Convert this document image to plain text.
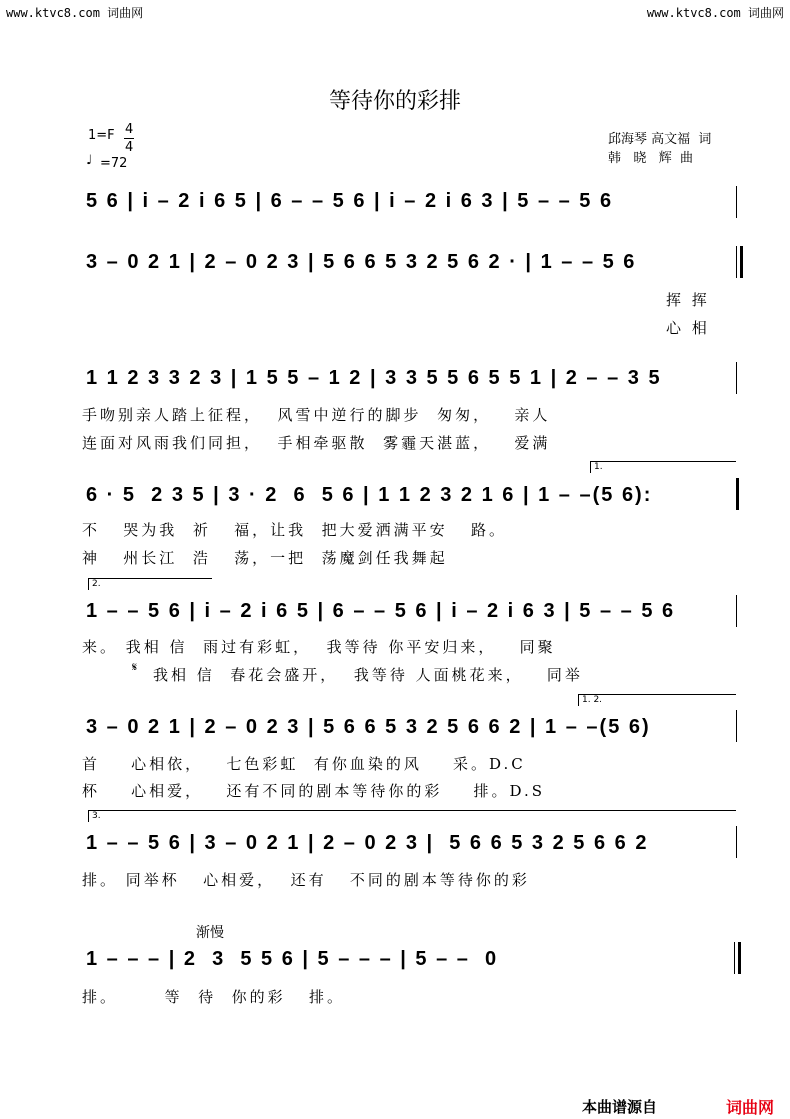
www.ktvc8.com 词曲网	www.ktvc8.com 词曲网
等待你的彩排
1=F 4
4
♩ =72
邱海琴 高文福  词
韩   晓   辉  曲
5 6 | i – 2 i 6 5 | 6 – – 5 6 | i – 2 i 6 3 | 5 – – 5 6
3 – 0 2 1 | 2 – 0 2 3 | 5 6 6 5 3 2 5 6 2 · | 1 – – 5 6
挥 挥
心 相
1 1 2 3 3 2 3 | 1 5 5 – 1 2 | 3 3 5 5 6 5 5 1 | 2 – – 3 5
手吻别亲人踏上征程，  风雪中逆行的脚步  匆匆，   亲人
连面对风雨我们同担，  手相牵驱散  雾霾天湛蓝，   爱满
1.
6 · 5  2 3 5 | 3 · 2  6  5 6 | 1 1 2 3 2 1 6 | 1 – –(5 6):
不   哭为我  祈   福，让我  把大爱洒满平安   路。
神   州长江  浩   荡，一把  荡魔剑任我舞起
2.
1 – – 5 6 | i – 2 i 6 5 | 6 – – 5 6 | i – 2 i 6 3 | 5 – – 5 6
来。 我相 信  雨过有彩虹，  我等待 你平安归来，   同聚
𝄋 我相 信  春花会盛开，  我等待 人面桃花来，   同举
1. 2.
3 – 0 2 1 | 2 – 0 2 3 | 5 6 6 5 3 2 5 6 6 2 | 1 – –(5 6)
首    心相依，   七色彩虹  有你血染的风    采。D.C
杯    心相爱，   还有不同的剧本等待你的彩    排。D.S
3.
1 – – 5 6 | 3 – 0 2 1 | 2 – 0 2 3 |  5 6 6 5 3 2 5 6 6 2
排。 同举杯   心相爱，  还有   不同的剧本等待你的彩
渐慢
1 – – – | 2  3  5 5 6 | 5 – – – | 5 – –  0
排。      等  待  你的彩   排。
本曲谱源自	词曲网
